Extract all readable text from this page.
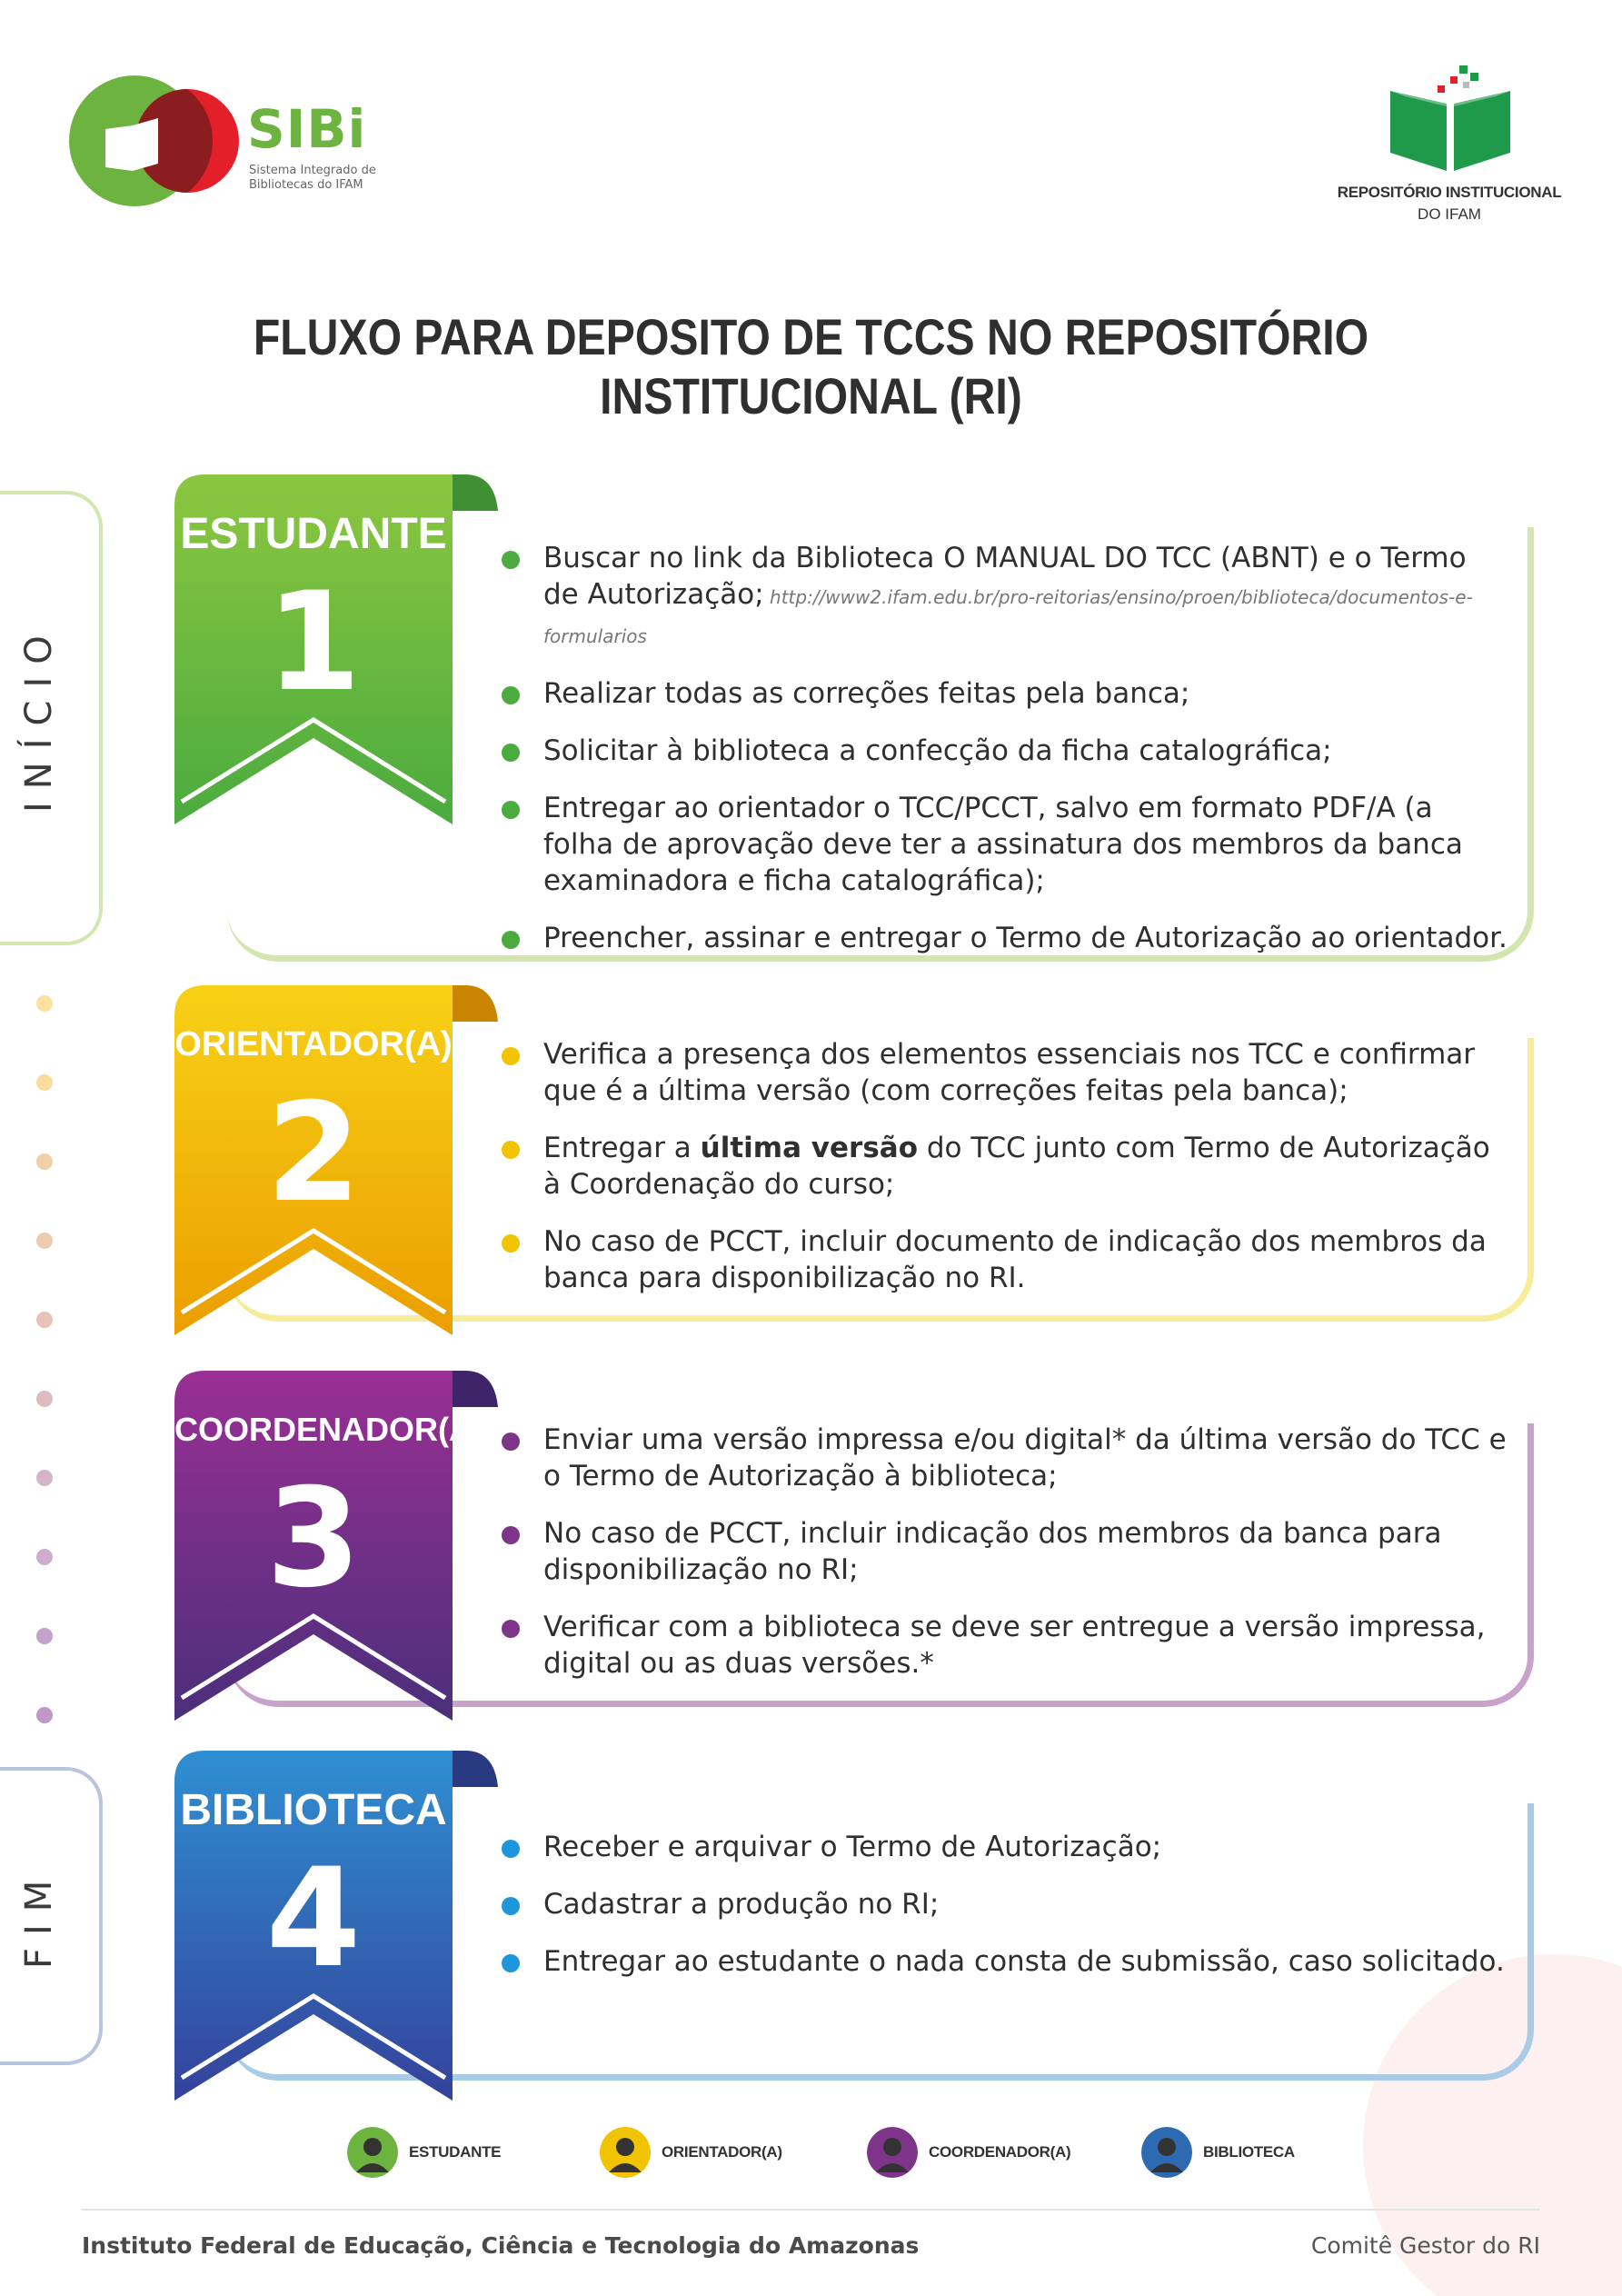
SIBi
Sistema Integrado de Bibliotecas do IFAM	REPOSITÓRIO INSTITUCIONAL
DO IFAM
FLUXO PARA DEPOSITO DE TCCS NO REPOSITÓRIO INSTITUCIONAL (RI)
INÍCIO
FIM
ESTUDANTE
1
Buscar no link da Biblioteca O MANUAL DO TCC (ABNT) e o Termo de Autorização; http://www2.ifam.edu.br/pro-reitorias/ensino/proen/biblioteca/documentos-e-formularios
Realizar todas as correções feitas pela banca;
Solicitar à biblioteca a confecção da ficha catalográfica;
Entregar ao orientador o TCC/PCCT, salvo em formato PDF/A (a folha de aprovação deve ter a assinatura dos membros da banca examinadora e ficha catalográfica);
Preencher, assinar e entregar o Termo de Autorização ao orientador.
ORIENTADOR(A)
2
Verifica a presença dos elementos essenciais nos TCC e confirmar que é a última versão (com correções feitas pela banca);
Entregar a última versão do TCC junto com Termo de Autorização à Coordenação do curso;
No caso de PCCT, incluir documento de indicação dos membros da banca para disponibilização no RI.
COORDENADOR(A)
3
Enviar uma versão impressa e/ou digital* da última versão do TCC e o Termo de Autorização à biblioteca;
No caso de PCCT, incluir indicação dos membros da banca para disponibilização no RI;
Verificar com a biblioteca se deve ser entregue a versão impressa, digital ou as duas versões.*
BIBLIOTECA
4	Receber e arquivar o Termo de Autorização;
Cadastrar a produção no RI;
Entregar ao estudante o nada consta de submissão, caso solicitado.
ESTUDANTE	ORIENTADOR(A)	COORDENADOR(A)	BIBLIOTECA
Instituto Federal de Educação, Ciência e Tecnologia do Amazonas	Comitê Gestor do RI
